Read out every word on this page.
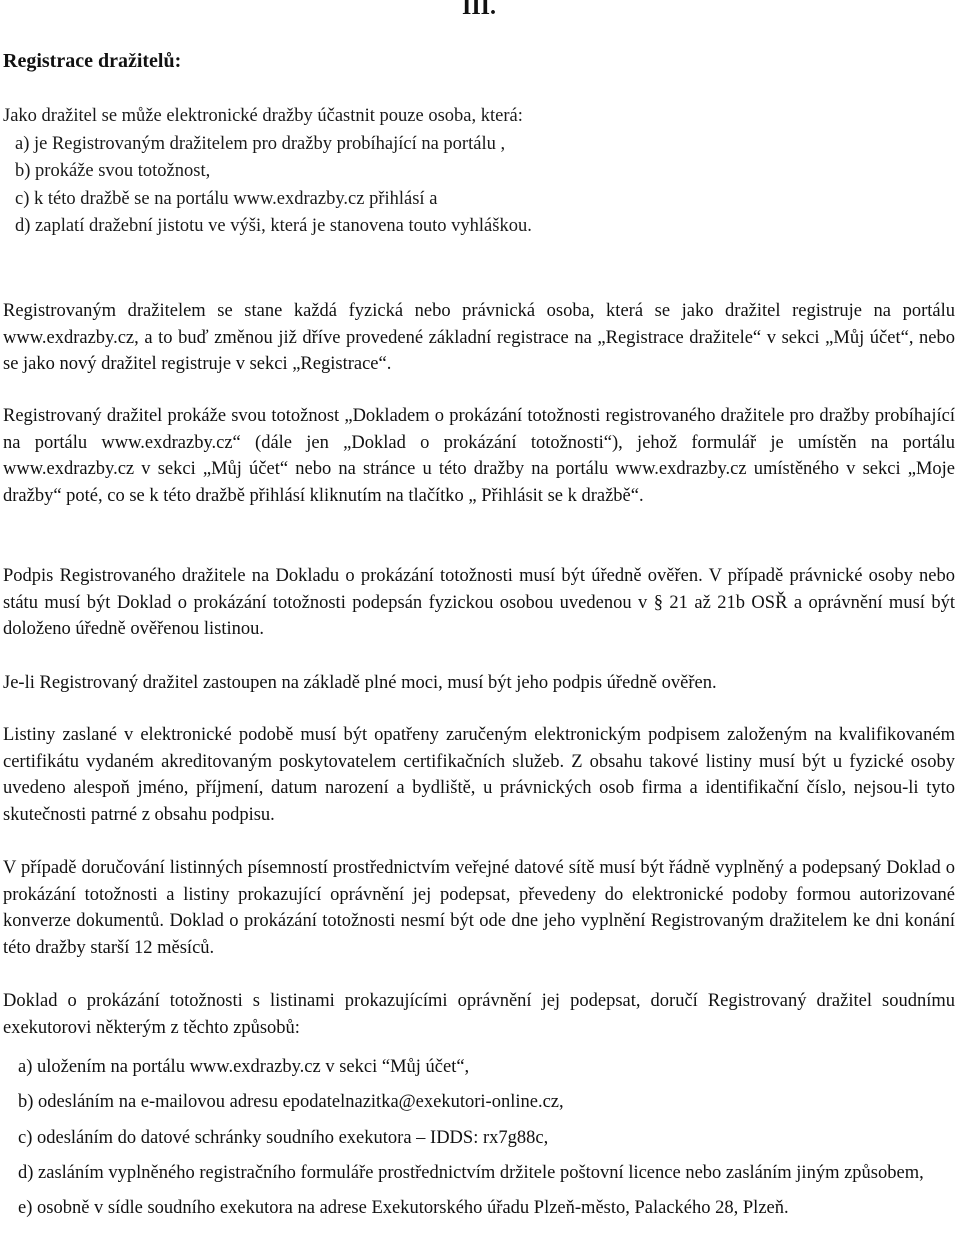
III.
Registrace dražitelů:
Jako dražitel se může elektronické dražby účastnit pouze osoba, která:
a) je Registrovaným dražitelem pro dražby probíhající na portálu ,
b) prokáže svou totožnost,
c) k této dražbě se na portálu www.exdrazby.cz přihlásí a
d) zaplatí dražební jistotu ve výši, která je stanovena touto vyhláškou.
Registrovaným dražitelem se stane každá fyzická nebo právnická osoba, která se jako dražitel registruje na portálu www.exdrazby.cz, a to buď změnou již dříve provedené základní registrace na „Registrace dražitele“ v sekci „Můj účet“, nebo se jako nový dražitel registruje v sekci „Registrace“.
Registrovaný dražitel prokáže svou totožnost „Dokladem o prokázání totožnosti registrovaného dražitele pro dražby probíhající na portálu www.exdrazby.cz“ (dále jen „Doklad o prokázání totožnosti“), jehož formulář je umístěn na portálu www.exdrazby.cz v sekci „Můj účet“ nebo na stránce u této dražby na portálu www.exdrazby.cz umístěného v sekci „Moje dražby“ poté, co se k této dražbě přihlásí kliknutím na tlačítko „ Přihlásit se k dražbě“.
Podpis Registrovaného dražitele na Dokladu o prokázání totožnosti musí být úředně ověřen. V případě právnické osoby nebo státu musí být Doklad o prokázání totožnosti podepsán fyzickou osobou uvedenou v § 21 až 21b OSŘ a oprávnění musí být doloženo úředně ověřenou listinou.
Je-li Registrovaný dražitel zastoupen na základě plné moci, musí být jeho podpis úředně ověřen.
Listiny zaslané v elektronické podobě musí být opatřeny zaručeným elektronickým podpisem založeným na kvalifikovaném certifikátu vydaném akreditovaným poskytovatelem certifikačních služeb. Z obsahu takové listiny musí být u fyzické osoby uvedeno alespoň jméno, příjmení, datum narození a bydliště, u právnických osob firma a identifikační číslo, nejsou-li tyto skutečnosti patrné z obsahu podpisu.
V případě doručování listinných písemností prostřednictvím veřejné datové sítě musí být řádně vyplněný a podepsaný Doklad o prokázání totožnosti a listiny prokazující oprávnění jej podepsat, převedeny do elektronické podoby formou autorizované konverze dokumentů. Doklad o prokázání totožnosti nesmí být ode dne jeho vyplnění Registrovaným dražitelem ke dni konání této dražby starší 12 měsíců.
Doklad o prokázání totožnosti s listinami prokazujícími oprávnění jej podepsat, doručí Registrovaný dražitel soudnímu exekutorovi některým z těchto způsobů:
a) uložením na portálu www.exdrazby.cz v sekci “Můj účet“,
b) odesláním na e-mailovou adresu epodatelnazitka@exekutori-online.cz,
c) odesláním do datové schránky soudního exekutora – IDDS: rx7g88c,
d) zasláním vyplněného registračního formuláře prostřednictvím držitele poštovní licence nebo zasláním jiným způsobem,
e) osobně v sídle soudního exekutora na adrese Exekutorského úřadu Plzeň-město, Palackého 28, Plzeň.
